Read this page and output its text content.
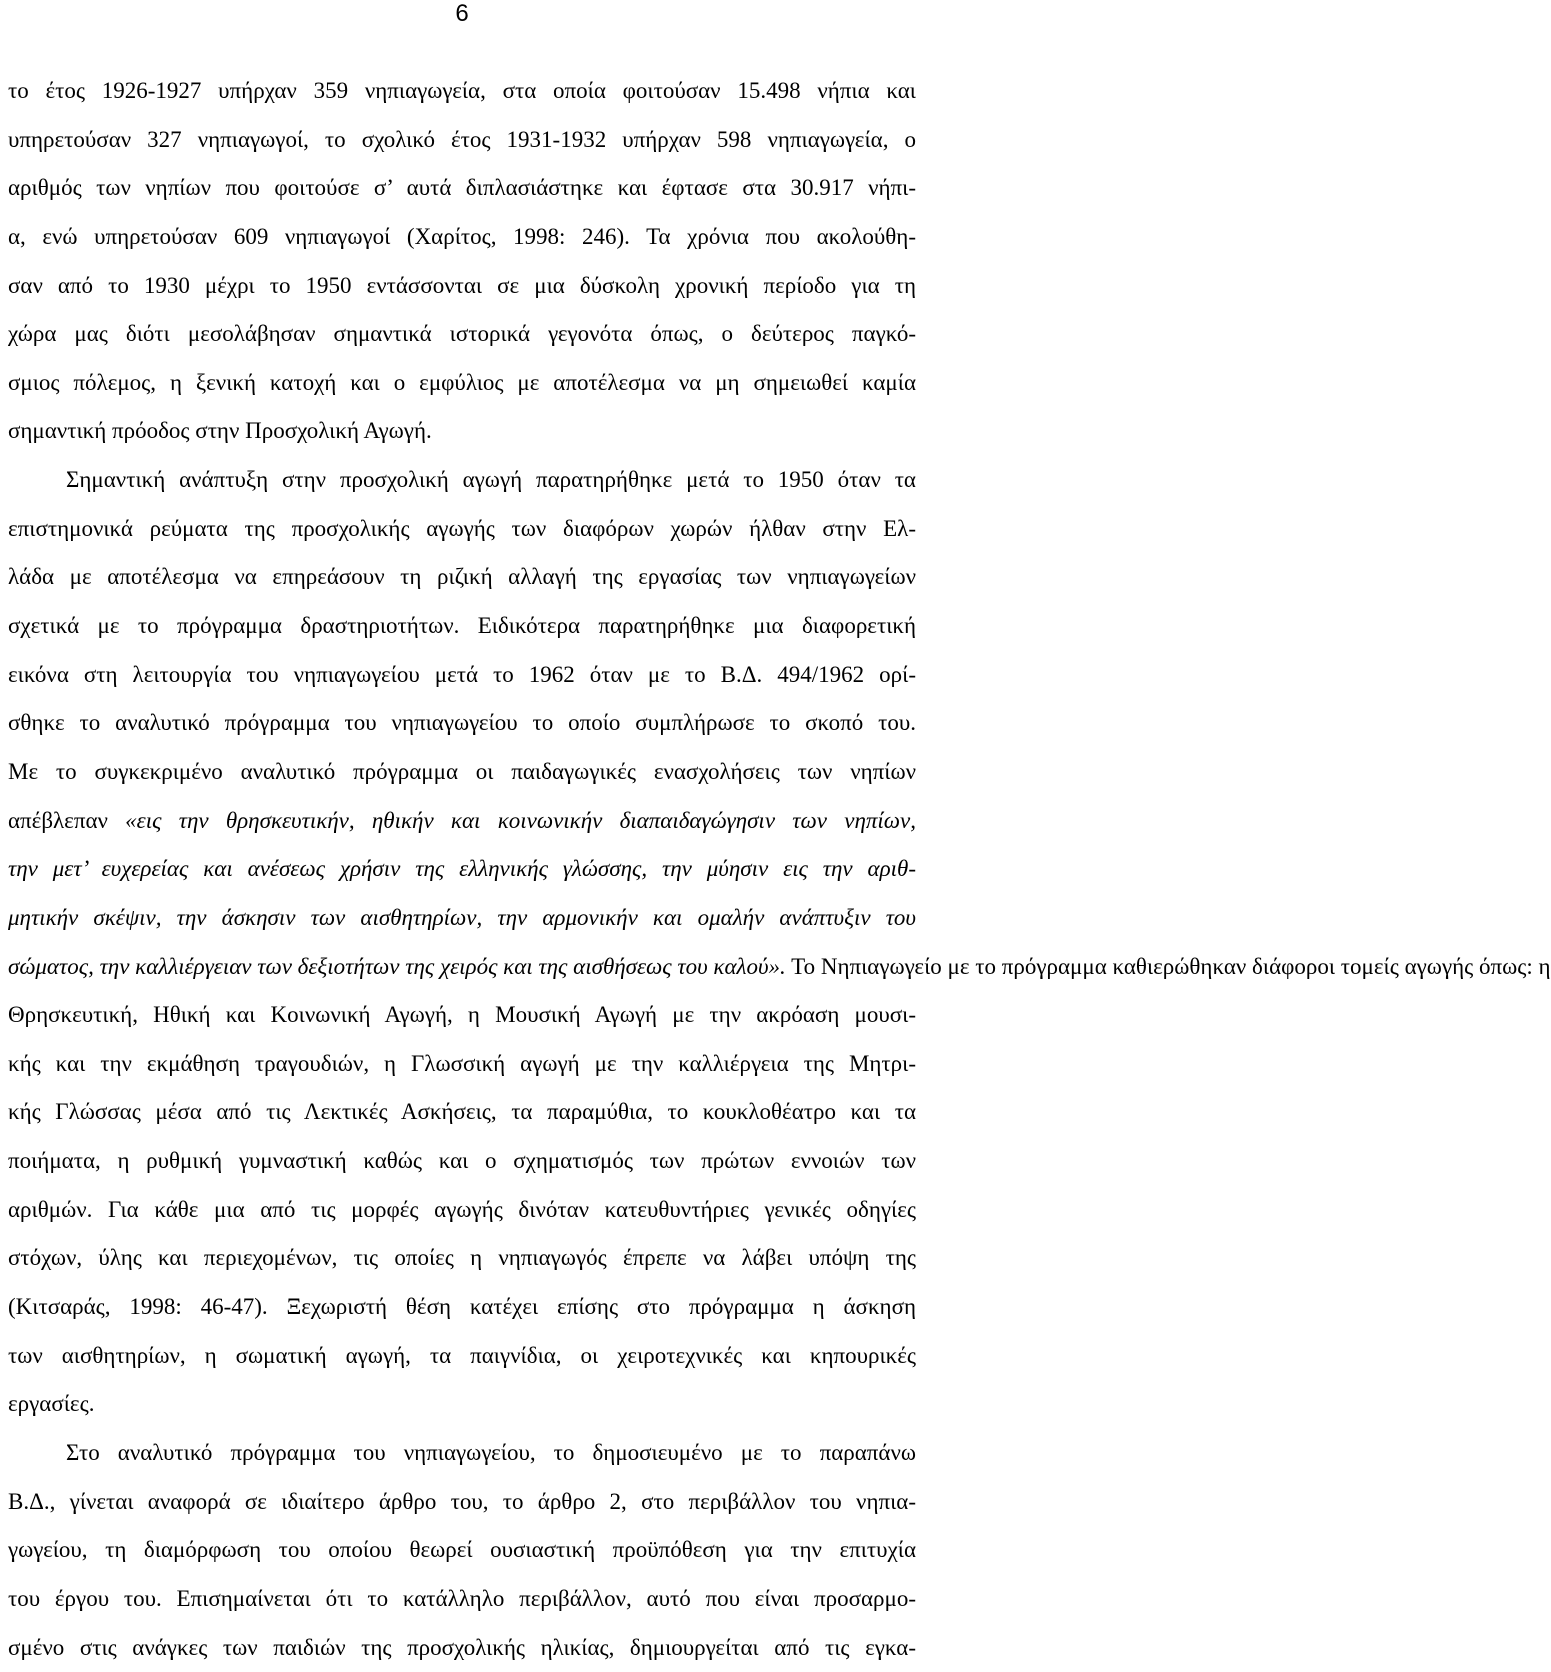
6
το έτος 1926-1927 υπήρχαν 359 νηπιαγωγεία, στα οποία φοιτούσαν 15.498 νήπια και
υπηρετούσαν 327 νηπιαγωγοί, το σχολικό έτος 1931-1932 υπήρχαν 598 νηπιαγωγεία, ο
αριθμός των νηπίων που φοιτούσε σ’ αυτά διπλασιάστηκε και έφτασε στα 30.917 νήπι-
α, ενώ υπηρετούσαν 609 νηπιαγωγοί (Χαρίτος, 1998: 246). Τα χρόνια που ακολούθη-
σαν από το 1930 μέχρι το 1950 εντάσσονται σε μια δύσκολη χρονική περίοδο για τη
χώρα μας διότι μεσολάβησαν σημαντικά ιστορικά γεγονότα όπως, ο δεύτερος παγκό-
σμιος πόλεμος, η ξενική κατοχή και ο εμφύλιος με αποτέλεσμα να μη σημειωθεί καμία
σημαντική πρόοδος στην Προσχολική Αγωγή.
Σημαντική ανάπτυξη στην προσχολική αγωγή παρατηρήθηκε μετά το 1950 όταν τα
επιστημονικά ρεύματα της προσχολικής αγωγής των διαφόρων χωρών ήλθαν στην Ελ-
λάδα με αποτέλεσμα να επηρεάσουν τη ριζική αλλαγή της εργασίας των νηπιαγωγείων
σχετικά με το πρόγραμμα δραστηριοτήτων. Ειδικότερα παρατηρήθηκε μια διαφορετική
εικόνα στη λειτουργία του νηπιαγωγείου μετά το 1962 όταν με το Β.Δ. 494/1962 ορί-
σθηκε το αναλυτικό πρόγραμμα του νηπιαγωγείου το οποίο συμπλήρωσε το σκοπό του.
Με το συγκεκριμένο αναλυτικό πρόγραμμα οι παιδαγωγικές ενασχολήσεις των νηπίων
απέβλεπαν «εις την θρησκευτικήν, ηθικήν και κοινωνικήν διαπαιδαγώγησιν των νηπίων,
την μετ’ ευχερείας και ανέσεως χρήσιν της ελληνικής γλώσσης, την μύησιν εις την αριθ-
μητικήν σκέψιν, την άσκησιν των αισθητηρίων, την αρμονικήν και ομαλήν ανάπτυξιν του
σώματος, την καλλιέργειαν των δεξιοτήτων της χειρός και της αισθήσεως του καλού». Το Νηπιαγωγείο με το πρόγραμμα καθιερώθηκαν διάφοροι τομείς αγωγής όπως: η
Θρησκευτική, Ηθική και Κοινωνική Αγωγή, η Μουσική Αγωγή με την ακρόαση μουσι-
κής και την εκμάθηση τραγουδιών, η Γλωσσική αγωγή με την καλλιέργεια της Μητρι-
κής Γλώσσας μέσα από τις Λεκτικές Ασκήσεις, τα παραμύθια, το κουκλοθέατρο και τα
ποιήματα, η ρυθμική γυμναστική καθώς και ο σχηματισμός των πρώτων εννοιών των
αριθμών. Για κάθε μια από τις μορφές αγωγής δινόταν κατευθυντήριες γενικές οδηγίες
στόχων, ύλης και περιεχομένων, τις οποίες η νηπιαγωγός έπρεπε να λάβει υπόψη της
(Κιτσαράς, 1998: 46-47). Ξεχωριστή θέση κατέχει επίσης στο πρόγραμμα η άσκηση
των αισθητηρίων, η σωματική αγωγή, τα παιγνίδια, οι χειροτεχνικές και κηπουρικές
εργασίες.
Στο αναλυτικό πρόγραμμα του νηπιαγωγείου, το δημοσιευμένο με το παραπάνω
Β.Δ., γίνεται αναφορά σε ιδιαίτερο άρθρο του, το άρθρο 2, στο περιβάλλον του νηπια-
γωγείου, τη διαμόρφωση του οποίου θεωρεί ουσιαστική προϋπόθεση για την επιτυχία
του έργου του. Επισημαίνεται ότι το κατάλληλο περιβάλλον, αυτό που είναι προσαρμο-
σμένο στις ανάγκες των παιδιών της προσχολικής ηλικίας, δημιουργείται από τις εγκα-
